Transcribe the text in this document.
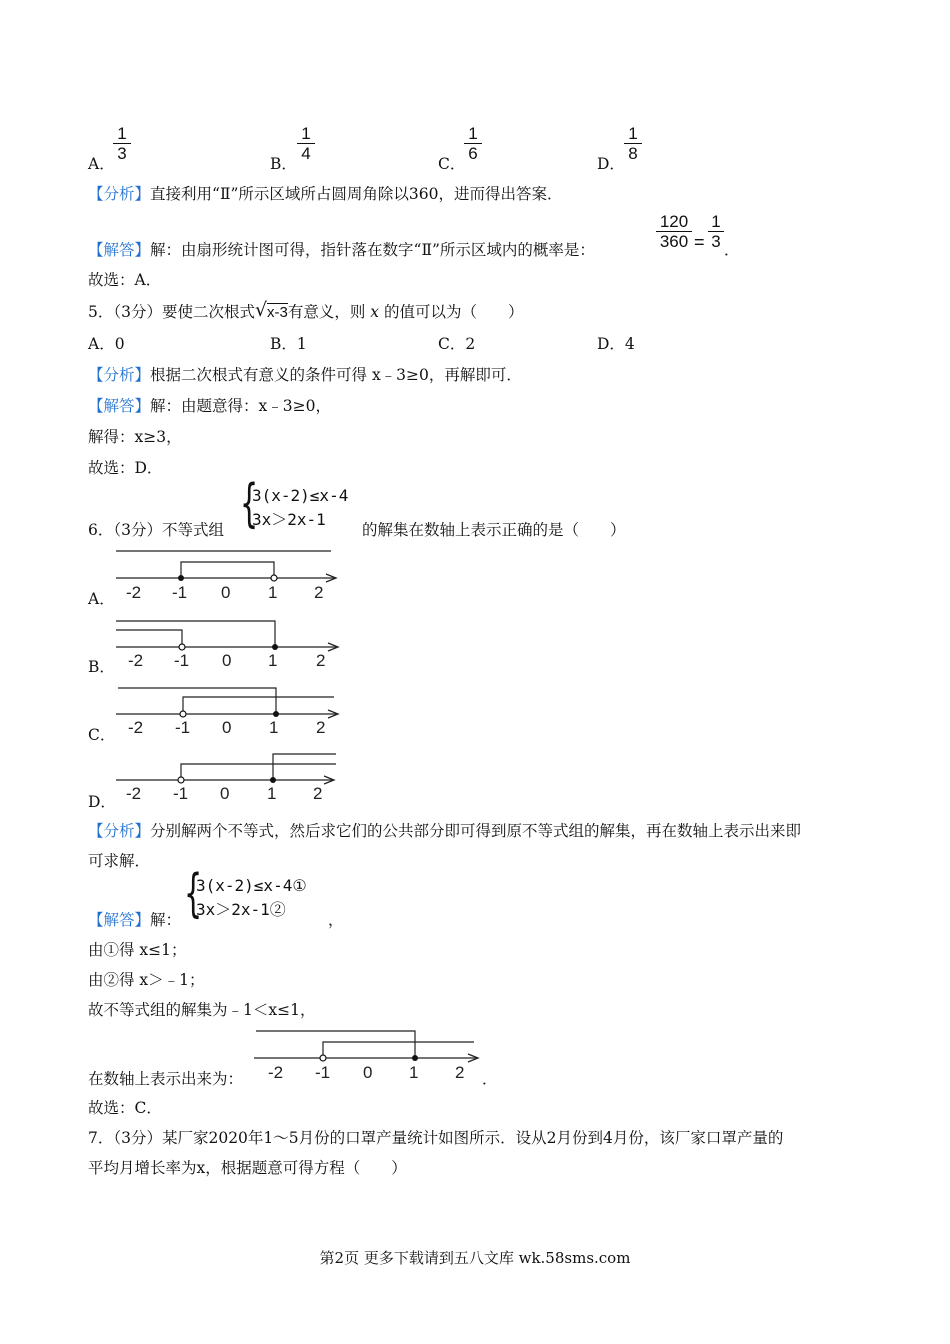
A．
1
3
B．
1
4
C．
1
6
D．
1
8
【分析】直接利用“Ⅱ”所示区域所占圆周角除以360，进而得出答案．
【解答】解：由扇形统计图可得，指针落在数字“Ⅱ”所示区域内的概率是：
120
360 =
1
3 ．
故选：A．
5．（3分）要使二次根式 √ x-3有意义，则 x 的值可以为（　　）
A．0	B．1	C．2	D．4
【分析】根据二次根式有意义的条件可得 x﹣3≥0，再解即可．
【解答】解：由题意得：x﹣3≥0，
解得：x≥3，
故选：D．
6．（3分）不等式组 {
3(x-2)≤x-4
3x＞2x-1
的解集在数轴上表示正确的是（　　）
A．
B．
C．
D．
-2 -1 0 1 2
-2 -1 0 1 2
-2 -1 0 1 2
-2 -1 0 1 2
-2 -1 0 1 2
【分析】分别解两个不等式，然后求它们的公共部分即可得到原不等式组的解集，再在数轴上表示出来即
可求解．
【解答】解： {
3(x-2)≤x-4①
3x＞2x-1②
，
由①得 x≤1；
由②得 x＞﹣1；
故不等式组的解集为﹣1＜x≤1，
在数轴上表示出来为：	．
故选：C．
7．（3分）某厂家2020年1～5月份的口罩产量统计如图所示．设从2月份到4月份，该厂家口罩产量的
平均月增长率为x，根据题意可得方程（　　）
第2页 更多下载请到五八文库 wk.58sms.com
